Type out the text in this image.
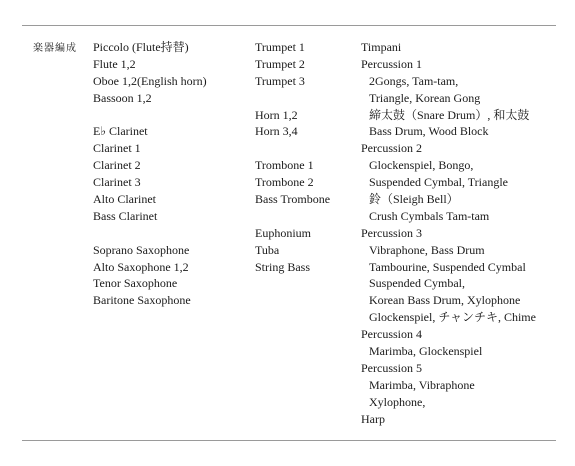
楽器編成 Piccolo (Flute持替)
Flute 1,2
Oboe 1,2(English horn)
Bassoon 1,2
E♭ Clarinet
Clarinet 1
Clarinet 2
Clarinet 3
Alto Clarinet
Bass Clarinet
Soprano Saxophone
Alto Saxophone 1,2
Tenor Saxophone
Baritone Saxophone
Trumpet 1
Trumpet 2
Trumpet 3
Horn 1,2
Horn 3,4
Trombone 1
Trombone 2
Bass Trombone
Euphonium
Tuba
String Bass
Timpani
Percussion 1
2Gongs, Tam-tam,
Triangle, Korean Gong
締太鼓（Snare Drum）, 和太鼓
Bass Drum, Wood Block
Percussion 2
Glockenspiel, Bongo,
Suspended Cymbal, Triangle
鈴（Sleigh Bell）
Crush Cymbals Tam-tam
Percussion 3
Vibraphone, Bass Drum
Tambourine, Suspended Cymbal
Suspended Cymbal,
Korean Bass Drum, Xylophone
Glockenspiel, チャンチキ, Chime
Percussion 4
Marimba, Glockenspiel
Percussion 5
Marimba, Vibraphone
Xylophone,
Harp
